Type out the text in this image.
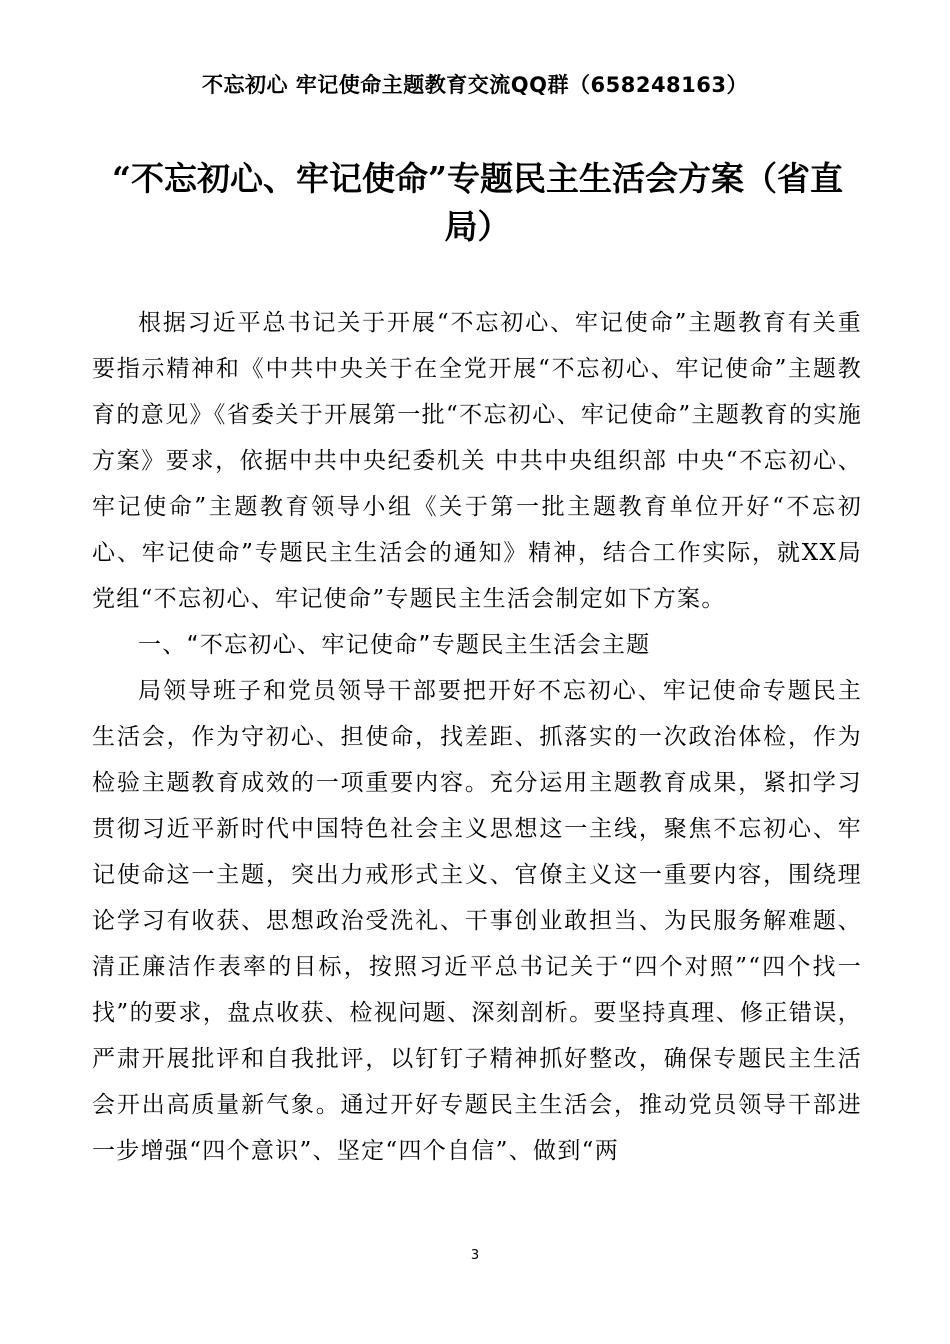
不忘初心 牢记使命主题教育交流QQ群（658248163）
“不忘初心、牢记使命”专题民主生活会方案（省直局）

根据习近平总书记关于开展“不忘初心、牢记使命”主题教育有关重要指示精神和《中共中央关于在全党开展“不忘初心、牢记使命”主题教育的意见》《省委关于开展第一批“不忘初心、牢记使命”主题教育的实施方案》要求，依据中共中央纪委机关 中共中央组织部 中央“不忘初心、牢记使命”主题教育领导小组《关于第一批主题教育单位开好“不忘初心、牢记使命”专题民主生活会的通知》精神，结合工作实际，就XX局党组“不忘初心、牢记使命”专题民主生活会制定如下方案。

一、“不忘初心、牢记使命”专题民主生活会主题

局领导班子和党员领导干部要把开好不忘初心、牢记使命专题民主生活会，作为守初心、担使命，找差距、抓落实的一次政治体检，作为检验主题教育成效的一项重要内容。充分运用主题教育成果，紧扣学习贯彻习近平新时代中国特色社会主义思想这一主线，聚焦不忘初心、牢记使命这一主题，突出力戒形式主义、官僚主义这一重要内容，围绕理论学习有收获、思想政治受洗礼、干事创业敢担当、为民服务解难题、清正廉洁作表率的目标，按照习近平总书记关于“四个对照”“四个找一找”的要求，盘点收获、检视问题、深刻剖析。要坚持真理、修正错误，严肃开展批评和自我批评，以钉钉子精神抓好整改，确保专题民主生活会开出高质量新气象。通过开好专题民主生活会，推动党员领导干部进一步增强“四个意识”、坚定“四个自信”、做到“两

3
